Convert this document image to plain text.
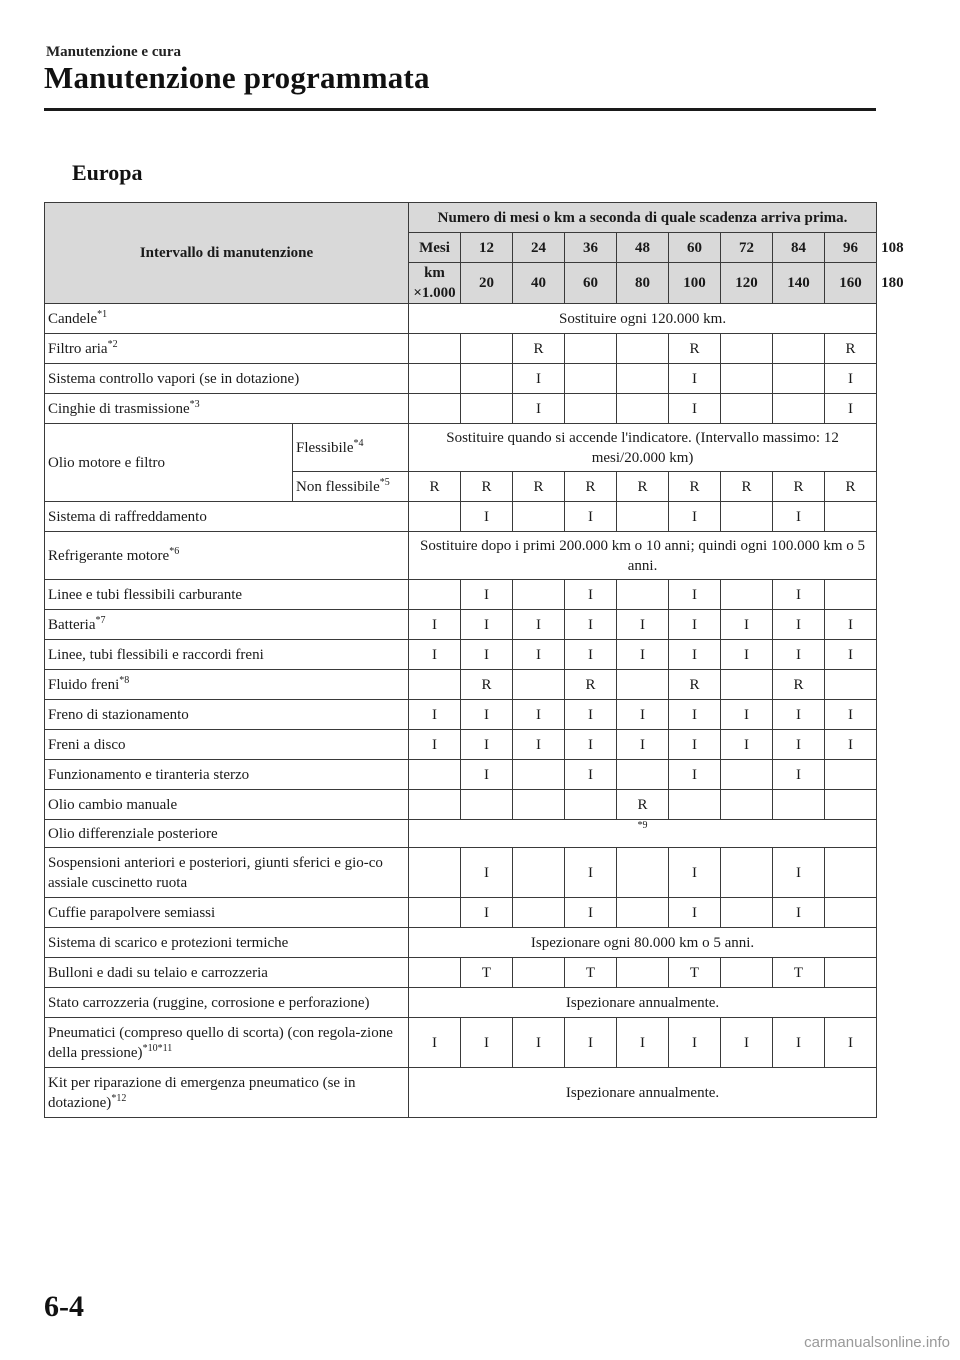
Manutenzione e cura
Manutenzione programmata
Europa
Intervallo di manutenzione		Numero di mesi o km a seconda di quale scadenza arriva prima.									
		Mesi	12	24	36	48	60	72	84	96	108
		km ×1.000	20	40	60	80	100	120	140	160	180
Candele$^{*1}$		Sostituire ogni 120.000 km.									
Filtro aria$^{*2}$				R			R			R	
Sistema controllo vapori (se in dotazione)				I			I			I	
Cinghie di trasmissione$^{*3}$				I			I			I	
Olio motore e filtro	Flessibile$^{*4}$	Sostituire quando si accende l'indicatore. (Intervallo massimo: 12 mesi/20.000 km)									
	Non flessibile$^{*5}$	R	R	R	R	R	R	R	R	R	
Sistema di raffreddamento			I		I		I		I		
Refrigerante motore$^{*6}$		Sostituire dopo i primi 200.000 km o 10 anni; quindi ogni 100.000 km o 5 anni.									
Linee e tubi flessibili carburante			I		I		I		I		
Batteria$^{*7}$		I	I	I	I	I	I	I	I	I	
Linee, tubi flessibili e raccordi freni		I	I	I	I	I	I	I	I	I	
Fluido freni$^{*8}$			R		R		R		R		
Freno di stazionamento		I	I	I	I	I	I	I	I	I	
Freni a disco		I	I	I	I	I	I	I	I	I	
Funzionamento e tiranteria sterzo			I		I		I		I		
Olio cambio manuale						R					
Olio differenziale posteriore		$^{*9}$
Sospensioni anteriori e posteriori, giunti sferici e gio-co assiale cuscinetto ruota			I		I		I		I		
Cuffie parapolvere semiassi			I		I		I		I		
Sistema di scarico e protezioni termiche		Ispezionare ogni 80.000 km o 5 anni.									
Bulloni e dadi su telaio e carrozzeria			T		T		T		T		
Stato carrozzeria (ruggine, corrosione e perforazione)		Ispezionare annualmente.									
Pneumatici (compreso quello di scorta) (con regola-zione della pressione)$^{*10*11}$		I	I	I	I	I	I	I	I	I	
Kit per riparazione di emergenza pneumatico (se in dotazione)$^{*12}$		Ispezionare annualmente.									
6-4
carmanualsonline.info
